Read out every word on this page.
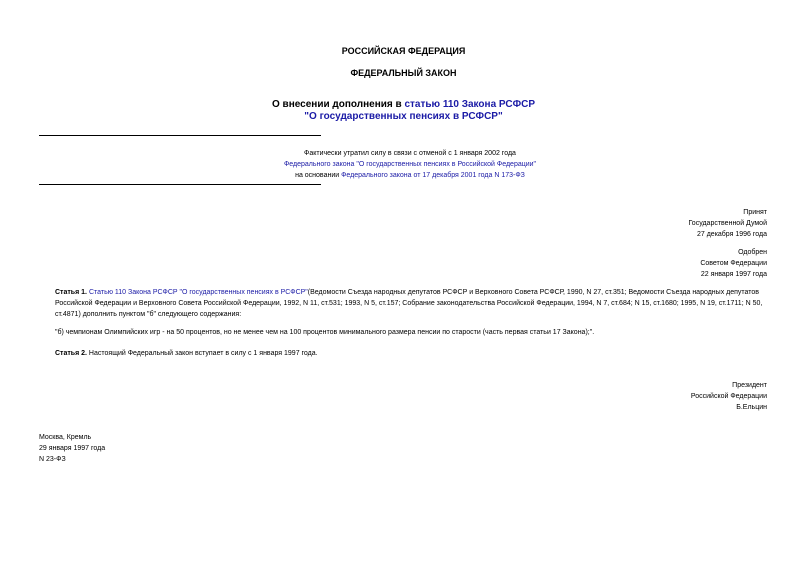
РОССИЙСКАЯ ФЕДЕРАЦИЯ
ФЕДЕРАЛЬНЫЙ ЗАКОН
О внесении дополнения в статью 110 Закона РСФСР
"О государственных пенсиях в РСФСР"
Фактически утратил силу в связи с отменой с 1 января 2002 года
Федерального закона "О государственных пенсиях в Российской Федерации"
на основании Федерального закона от 17 декабря 2001 года N 173-ФЗ
Принят
Государственной Думой
27 декабря 1996 года
Одобрен
Советом Федерации
22 января 1997 года
Статья 1. Статью 110 Закона РСФСР "О государственных пенсиях в РСФСР"(Ведомости Съезда народных депутатов РСФСР и Верховного Совета РСФСР, 1990, N 27, ст.351; Ведомости Съезда народных депутатов Российской Федерации и Верховного Совета Российской Федерации, 1992, N 11, ст.531; 1993, N 5, ст.157; Собрание законодательства Российской Федерации, 1994, N 7, ст.684; N 15, ст.1680; 1995, N 19, ст.1711; N 50, ст.4871) дополнить пунктом "б" следующего содержания:
"б) чемпионам Олимпийских игр - на 50 процентов, но не менее чем на 100 процентов минимального размера пенсии по старости (часть первая статьи 17 Закона);".
Статья 2. Настоящий Федеральный закон вступает в силу с 1 января 1997 года.
Президент
Российской Федерации
Б.Ельцин
Москва, Кремль
29 января 1997 года
N 23-ФЗ
